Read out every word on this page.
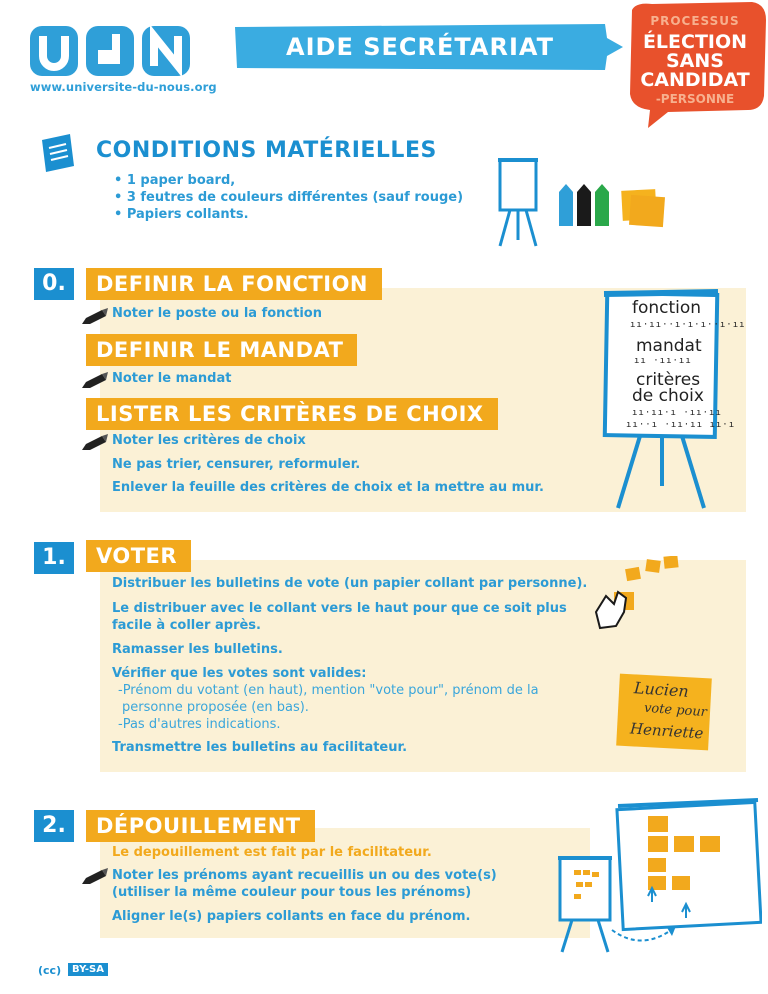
www.universite-du-nous.org
AIDE SECRÉTARIAT
PROCESSUS
ÉLECTION
SANS
CANDIDAT
-PERSONNE
CONDITIONS MATÉRIELLES
• 1 paper board,
• 3 feutres de couleurs différentes (sauf rouge)
• Papiers collants.
0.	DEFINIR LA FONCTION
Noter le poste ou la fonction
DEFINIR LE MANDAT
Noter le mandat
LISTER LES CRITÈRES DE CHOIX
Noter les critères de choix
Ne pas trier, censurer, reformuler.
Enlever la feuille des critères de choix et la mettre au mur.
fonction
ıı·ıı··ı·ı·ı··ı·ıı
mandat
ıı ·ıı·ıı
critères
de choix
ıı·ıı·ı ·ıı·ıı
ıı··ı ·ıı·ıı ıı·ı
1.	VOTER
Distribuer les bulletins de vote (un papier collant par personne).
Le distribuer avec le collant vers le haut pour que ce soit plus
facile à coller après.
Ramasser les bulletins.
Vérifier que les votes sont valides:
-Prénom du votant (en haut), mention "vote pour", prénom de la
personne proposée (en bas).
-Pas d'autres indications.
Transmettre les bulletins au facilitateur.
Lucien
vote pour
Henriette
2.	DÉPOUILLEMENT
Le depouillement est fait par le facilitateur.
Noter les prénoms ayant recueillis un ou des vote(s)
(utiliser la même couleur pour tous les prénoms)
Aligner le(s) papiers collants en face du prénom.
(cc)	BY-SA
